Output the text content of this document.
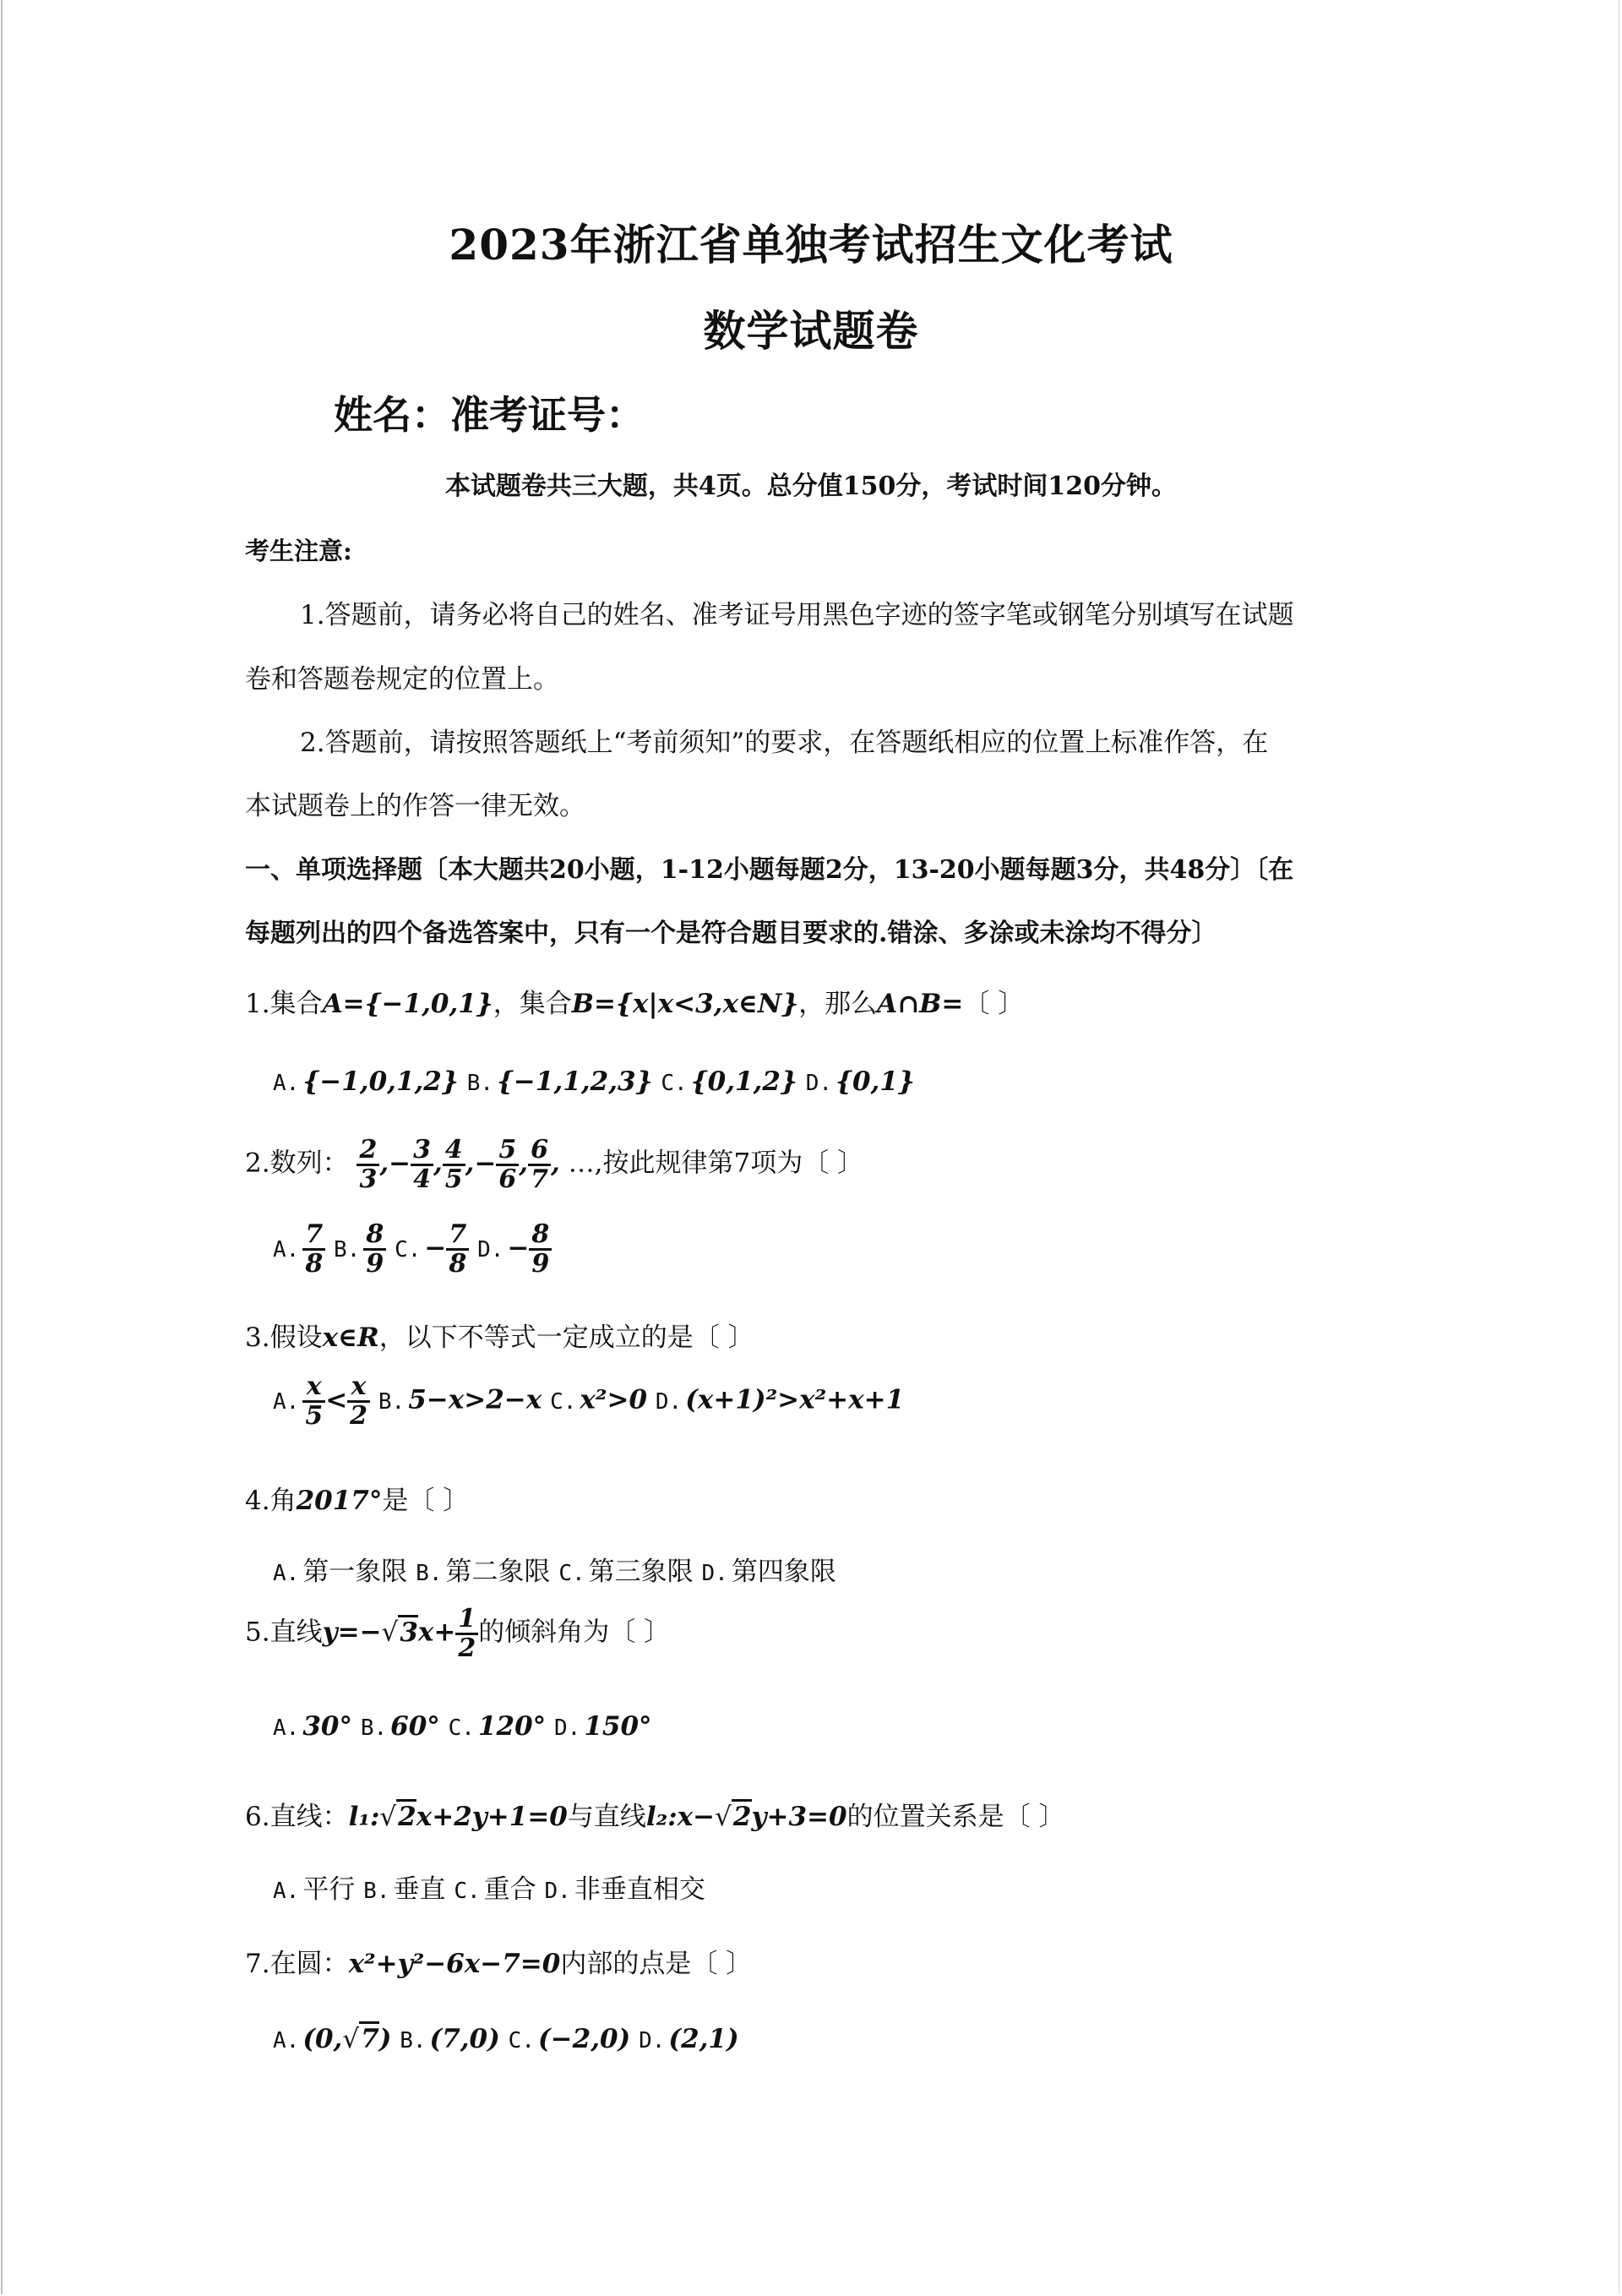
2023年浙江省单独考试招生文化考试
数学试题卷
姓名：准考证号：
本试题卷共三大题，共4页。总分值150分，考试时间120分钟。
考生注意:
1.答题前，请务必将自己的姓名、准考证号用黑色字迹的签字笔或钢笔分别填写在试题
卷和答题卷规定的位置上。
2.答题前，请按照答题纸上“考前须知”的要求，在答题纸相应的位置上标准作答，在
本试题卷上的作答一律无效。
一、单项选择题〔本大题共20小题，1-12小题每题2分，13-20小题每题3分，共48分〕〔在
每题列出的四个备选答案中，只有一个是符合题目要求的.错涂、多涂或未涂均不得分〕
1.集合A={−1,0,1}，集合B={x|x<3,x∈N}，那么A∩B=〔 〕
A. {−1,0,1,2} B. {−1,1,2,3} C. {0,1,2} D. {0,1}
2.数列： $\frac{2}{3}$ ,− $\frac{3}{4}$ , $\frac{4}{5}$ ,− $\frac{5}{6}$ , $\frac{6}{7}$ , …,按此规律第7项为〔 〕
A. $\frac{7}{8} B$. $\frac{8}{9} C$. − $\frac{7}{8} D$. − $\frac{8}{9}$
3.假设x∈R，以下不等式一定成立的是〔 〕
A. $\frac{x}{5} < \frac{x}{2} B$. 5−x>2−x C. x²>0 D. (x+1)²>x²+x+1
4.角2017°是〔 〕
A. 第一象限 B. 第二象限 C. 第三象限 D. 第四象限
5.直线$y=-√3x+ \frac{1}{2}$ 的倾斜角为〔 〕
A. 30° B. 60° C. 120° D. 150°
6.直线：l₁:√2x+2y+1=0与直线l₂:x−√2y+3=0的位置关系是〔 〕
A. 平行 B. 垂直 C. 重合 D. 非垂直相交
7.在圆：x²+y²−6x−7=0内部的点是〔 〕
A. (0,√7) B. (7,0) C. (−2,0) D. (2,1)
